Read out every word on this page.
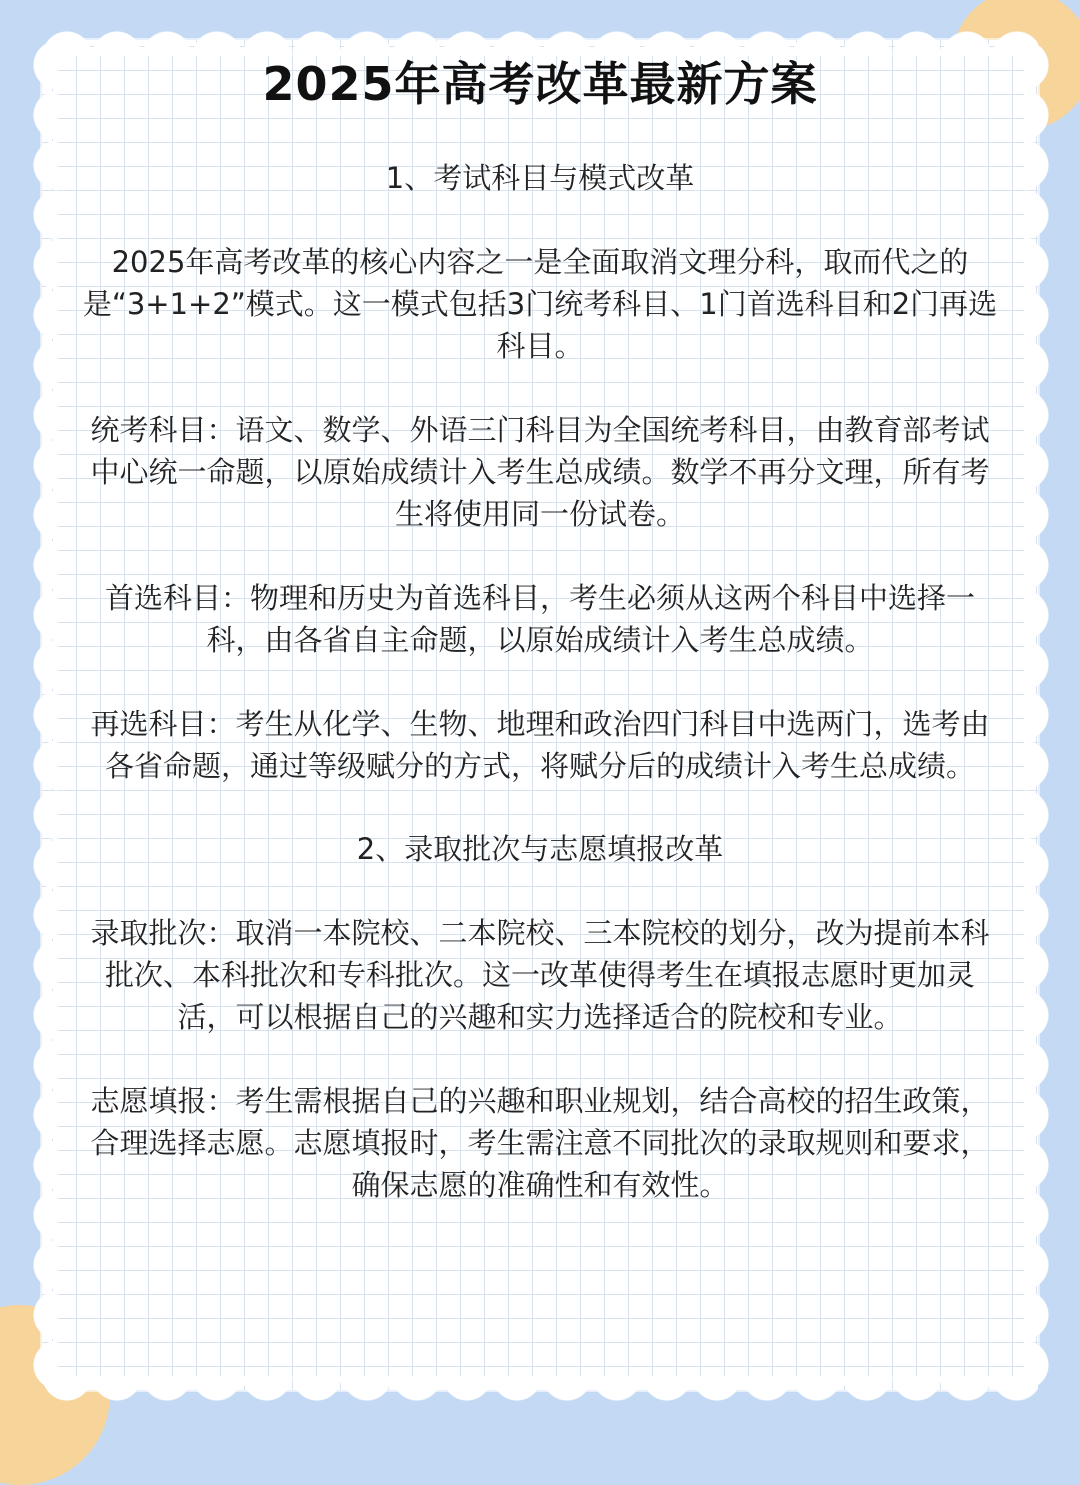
2025年高考改革最新方案
1、考试科目与模式改革

2025年高考改革的核心内容之一是全面取消文理分科，取而代之的是“3+1+2”模式。这一模式包括3门统考科目、1门首选科目和2门再选科目。

统考科目：语文、数学、外语三门科目为全国统考科目，由教育部考试中心统一命题，以原始成绩计入考生总成绩。数学不再分文理，所有考生将使用同一份试卷。

首选科目：物理和历史为首选科目，考生必须从这两个科目中选择一科，由各省自主命题，以原始成绩计入考生总成绩。

再选科目：考生从化学、生物、地理和政治四门科目中选两门，选考由各省命题，通过等级赋分的方式，将赋分后的成绩计入考生总成绩。

2、录取批次与志愿填报改革

录取批次：取消一本院校、二本院校、三本院校的划分，改为提前本科批次、本科批次和专科批次。这一改革使得考生在填报志愿时更加灵活，可以根据自己的兴趣和实力选择适合的院校和专业。

志愿填报：考生需根据自己的兴趣和职业规划，结合高校的招生政策，合理选择志愿。志愿填报时，考生需注意不同批次的录取规则和要求，确保志愿的准确性和有效性。
